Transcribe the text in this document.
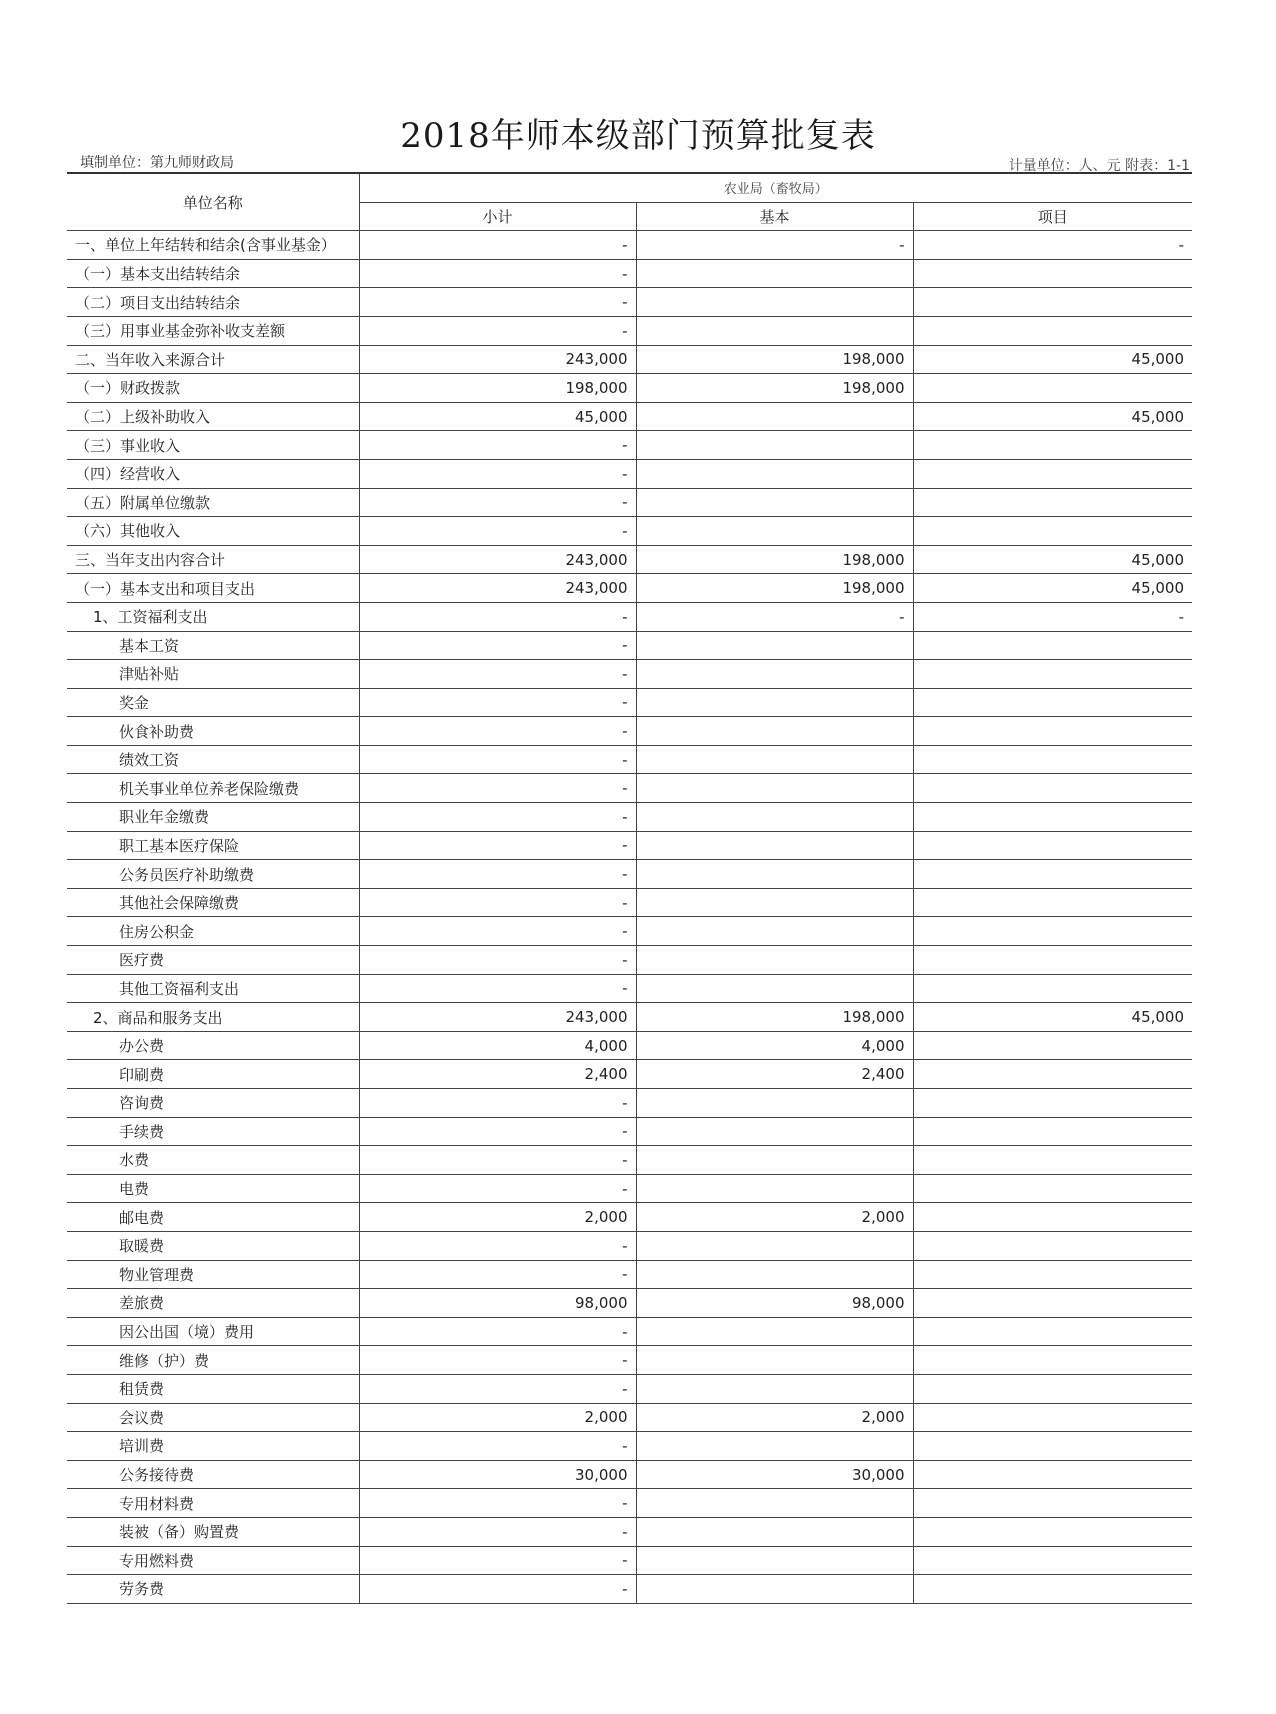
2018年师本级部门预算批复表
填制单位：第九师财政局	计量单位：人、元 附表：1-1
单位名称	农业局（畜牧局）		
	小计	基本	项目
一、单位上年结转和结余(含事业基金）	-	-	-
（一）基本支出结转结余	-		
（二）项目支出结转结余	-		
（三）用事业基金弥补收支差额	-		
二、当年收入来源合计	243,000	198,000	45,000
（一）财政拨款	198,000	198,000	
（二）上级补助收入	45,000		45,000
（三）事业收入	-		
（四）经营收入	-		
（五）附属单位缴款	-		
（六）其他收入	-		
三、当年支出内容合计	243,000	198,000	45,000
（一）基本支出和项目支出	243,000	198,000	45,000
1、工资福利支出	-	-	-
基本工资	-		
津贴补贴	-		
奖金	-		
伙食补助费	-		
绩效工资	-		
机关事业单位养老保险缴费	-		
职业年金缴费	-		
职工基本医疗保险	-		
公务员医疗补助缴费	-		
其他社会保障缴费	-		
住房公积金	-		
医疗费	-		
其他工资福利支出	-		
2、商品和服务支出	243,000	198,000	45,000
办公费	4,000	4,000	
印刷费	2,400	2,400	
咨询费	-		
手续费	-		
水费	-		
电费	-		
邮电费	2,000	2,000	
取暖费	-		
物业管理费	-		
差旅费	98,000	98,000	
因公出国（境）费用	-		
维修（护）费	-		
租赁费	-		
会议费	2,000	2,000	
培训费	-		
公务接待费	30,000	30,000	
专用材料费	-		
装被（备）购置费	-		
专用燃料费	-		
劳务费	-		
